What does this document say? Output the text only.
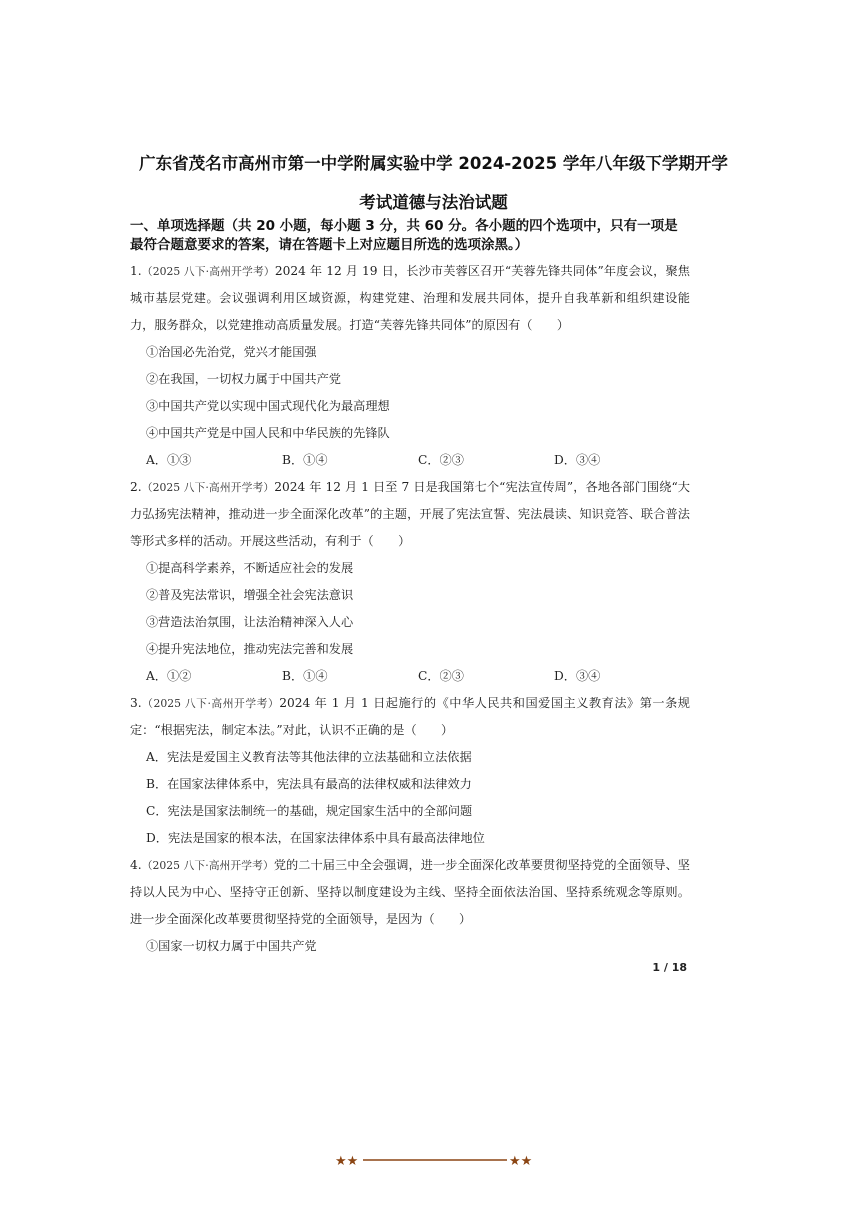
广东省茂名市高州市第一中学附属实验中学 2024-2025 学年八年级下学期开学
考试道德与法治试题
一、单项选择题（共 20 小题，每小题 3 分，共 60 分。各小题的四个选项中，只有一项是最符合题意要求的答案，请在答题卡上对应题目所选的选项涂黑。）

1.（2025 八下·高州开学考）2024 年 12 月 19 日，长沙市芙蓉区召开“芙蓉先锋共同体”年度会议，聚焦城市基层党建。会议强调利用区域资源，构建党建、治理和发展共同体，提升自我革新和组织建设能力，服务群众，以党建推动高质量发展。打造“芙蓉先锋共同体”的原因有（　　）

①治国必先治党，党兴才能国强

②在我国，一切权力属于中国共产党

③中国共产党以实现中国式现代化为最高理想

④中国共产党是中国人民和中华民族的先锋队

A．①③	B．①④	C．②③	D．③④

2.（2025 八下·高州开学考）2024 年 12 月 1 日至 7 日是我国第七个“宪法宣传周”，各地各部门围绕“大力弘扬宪法精神，推动进一步全面深化改革”的主题，开展了宪法宣誓、宪法晨读、知识竞答、联合普法等形式多样的活动。开展这些活动，有利于（　　）

①提高科学素养，不断适应社会的发展

②普及宪法常识，增强全社会宪法意识

③营造法治氛围，让法治精神深入人心

④提升宪法地位，推动宪法完善和发展

A．①②	B．①④	C．②③	D．③④

3.（2025 八下·高州开学考）2024 年 1 月 1 日起施行的《中华人民共和国爱国主义教育法》第一条规定：“根据宪法，制定本法。”对此，认识不正确的是（　　）

A．宪法是爱国主义教育法等其他法律的立法基础和立法依据

B．在国家法律体系中，宪法具有最高的法律权威和法律效力

C．宪法是国家法制统一的基础，规定国家生活中的全部问题

D．宪法是国家的根本法，在国家法律体系中具有最高法律地位

4.（2025 八下·高州开学考）党的二十届三中全会强调，进一步全面深化改革要贯彻坚持党的全面领导、坚持以人民为中心、坚持守正创新、坚持以制度建设为主线、坚持全面依法治国、坚持系统观念等原则。进一步全面深化改革要贯彻坚持党的全面领导，是因为（　　）

①国家一切权力属于中国共产党

1 / 18
★★	★★
